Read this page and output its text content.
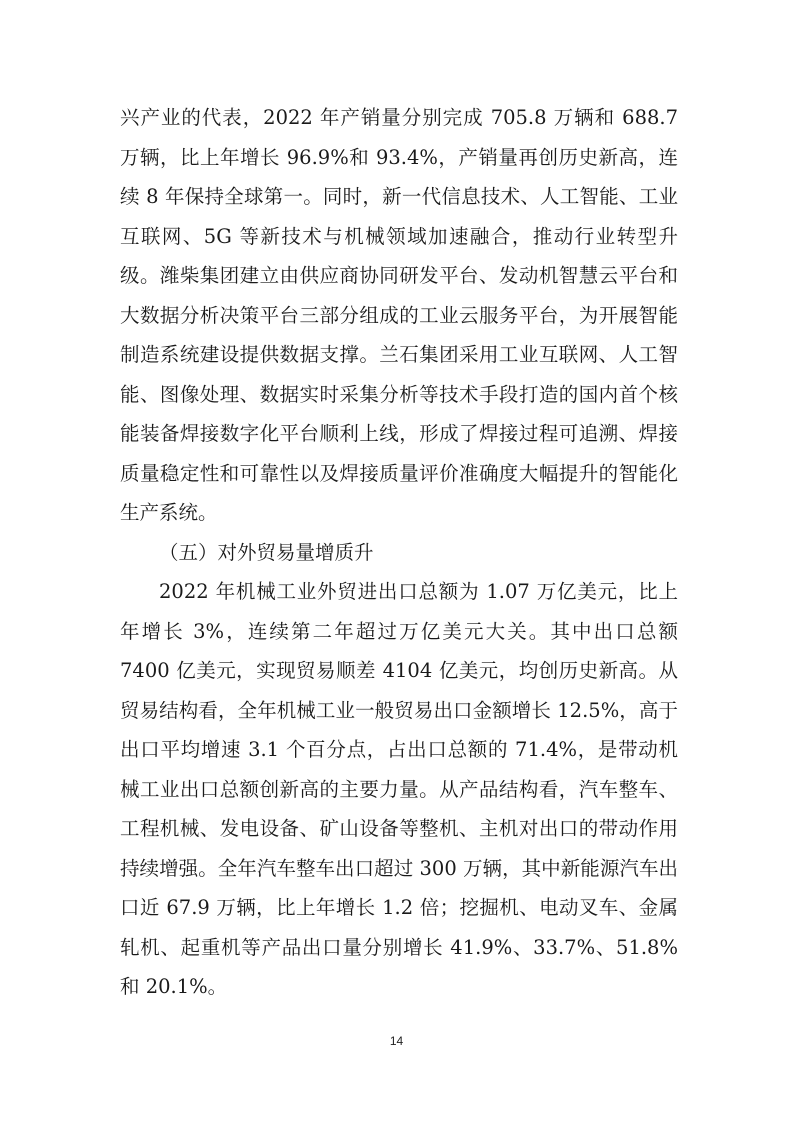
兴产业的代表，2022 年产销量分别完成 705.8 万辆和 688.7 万辆，比上年增长 96.9%和 93.4%，产销量再创历史新高，连续 8 年保持全球第一。同时，新一代信息技术、人工智能、工业互联网、5G 等新技术与机械领域加速融合，推动行业转型升级。潍柴集团建立由供应商协同研发平台、发动机智慧云平台和大数据分析决策平台三部分组成的工业云服务平台，为开展智能制造系统建设提供数据支撑。兰石集团采用工业互联网、人工智能、图像处理、数据实时采集分析等技术手段打造的国内首个核能装备焊接数字化平台顺利上线，形成了焊接过程可追溯、焊接质量稳定性和可靠性以及焊接质量评价准确度大幅提升的智能化生产系统。

（五）对外贸易量增质升

2022 年机械工业外贸进出口总额为 1.07 万亿美元，比上年增长 3%，连续第二年超过万亿美元大关。其中出口总额 7400 亿美元，实现贸易顺差 4104 亿美元，均创历史新高。从贸易结构看，全年机械工业一般贸易出口金额增长 12.5%，高于出口平均增速 3.1 个百分点，占出口总额的 71.4%，是带动机械工业出口总额创新高的主要力量。从产品结构看，汽车整车、工程机械、发电设备、矿山设备等整机、主机对出口的带动作用持续增强。全年汽车整车出口超过 300 万辆，其中新能源汽车出口近 67.9 万辆，比上年增长 1.2 倍；挖掘机、电动叉车、金属轧机、起重机等产品出口量分别增长 41.9%、33.7%、51.8%和 20.1%。

14
